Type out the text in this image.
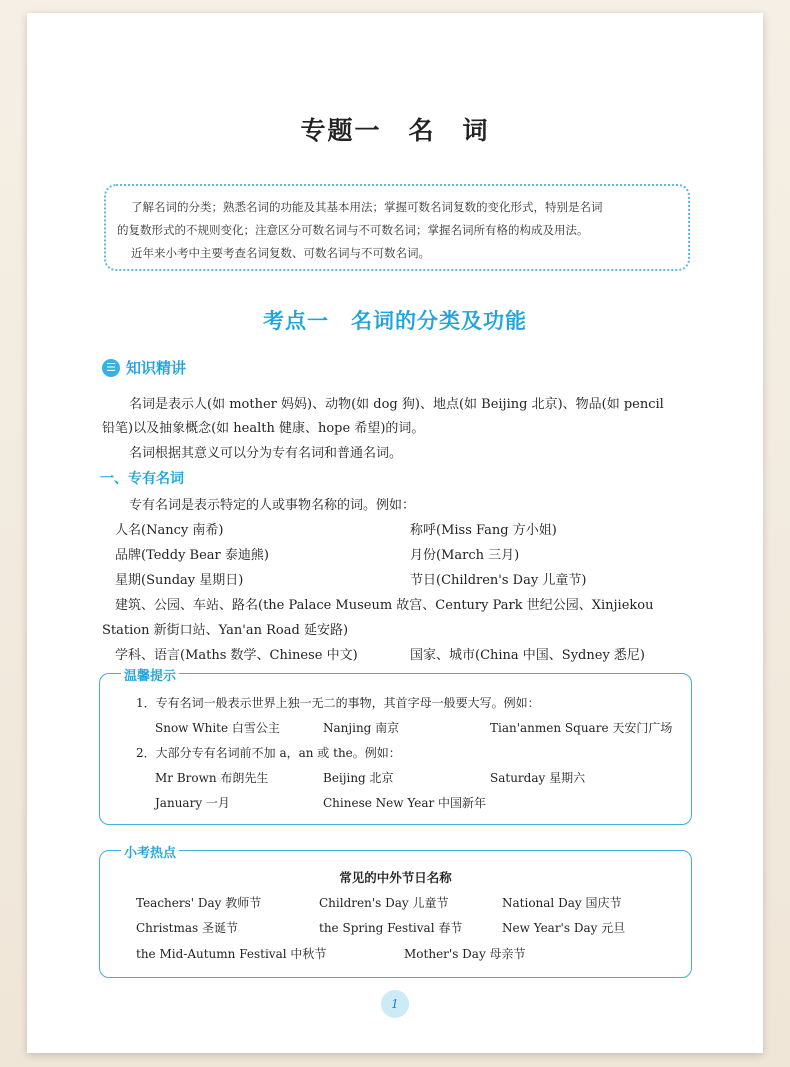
专题一　名　词
了解名词的分类；熟悉名词的功能及其基本用法；掌握可数名词复数的变化形式，特别是名词
的复数形式的不规则变化；注意区分可数名词与不可数名词；掌握名词所有格的构成及用法。
近年来小考中主要考查名词复数、可数名词与不可数名词。
考点一　名词的分类及功能
☰ 知识精讲
名词是表示人(如 mother 妈妈)、动物(如 dog 狗)、地点(如 Beijing 北京)、物品(如 pencil
铅笔)以及抽象概念(如 health 健康、hope 希望)的词。
名词根据其意义可以分为专有名词和普通名词。
一、专有名词
专有名词是表示特定的人或事物名称的词。例如：
人名(Nancy 南希)	称呼(Miss Fang 方小姐)
品牌(Teddy Bear 泰迪熊)	月份(March 三月)
星期(Sunday 星期日)	节日(Children's Day 儿童节)
建筑、公园、车站、路名(the Palace Museum 故宫、Century Park 世纪公园、Xinjiekou
Station 新街口站、Yan'an Road 延安路)
学科、语言(Maths 数学、Chinese 中文)	国家、城市(China 中国、Sydney 悉尼)
温馨提示
1．专有名词一般表示世界上独一无二的事物，其首字母一般要大写。例如：
Snow White 白雪公主	Nanjing 南京	Tian'anmen Square 天安门广场
2．大部分专有名词前不加 a，an 或 the。例如：
Mr Brown 布朗先生	Beijing 北京	Saturday 星期六
January 一月	Chinese New Year 中国新年
小考热点
常见的中外节日名称
Teachers' Day 教师节	Children's Day 儿童节	National Day 国庆节
Christmas 圣诞节	the Spring Festival 春节	New Year's Day 元旦
the Mid-Autumn Festival 中秋节	Mother's Day 母亲节
1
